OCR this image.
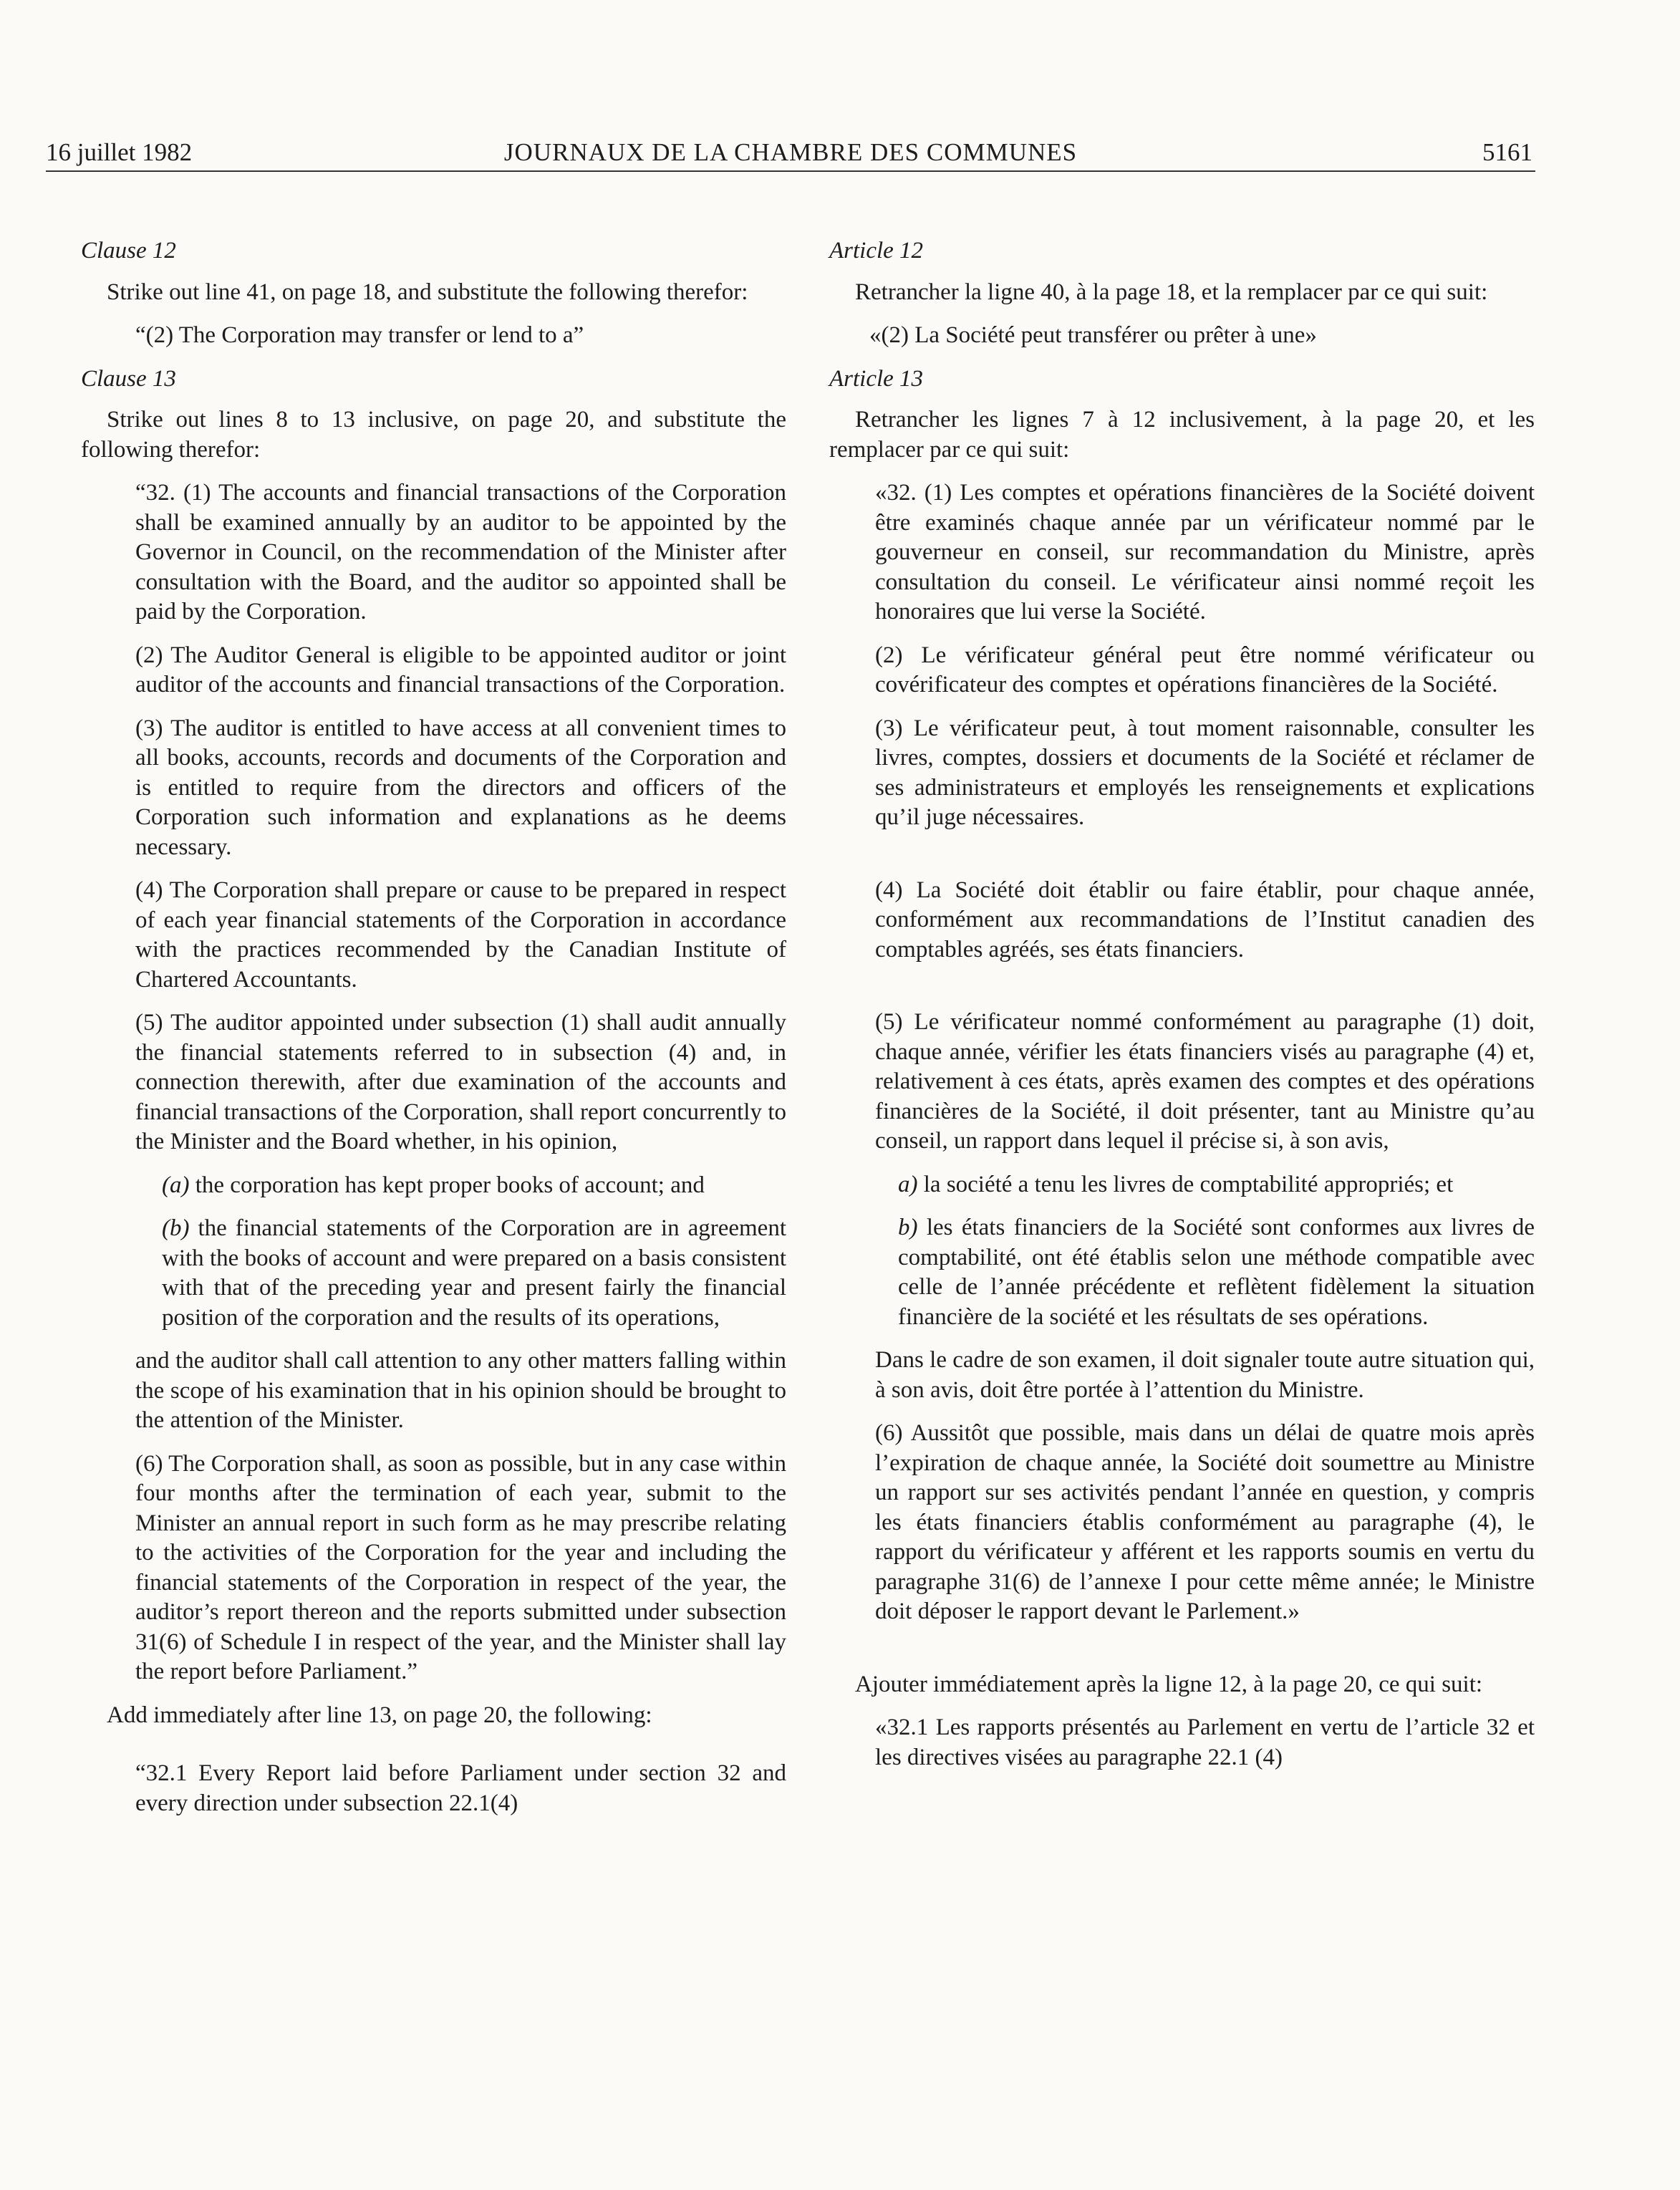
16 juillet 1982	JOURNAUX DE LA CHAMBRE DES COMMUNES	5161

Clause 12

Strike out line 41, on page 18, and substitute the following therefor:

“(2) The Corporation may transfer or lend to a”

Clause 13

Strike out lines 8 to 13 inclusive, on page 20, and substitute the following therefor:

“32. (1) The accounts and financial transactions of the Corporation shall be examined annually by an auditor to be appointed by the Governor in Council, on the recommendation of the Minister after consultation with the Board, and the auditor so appointed shall be paid by the Corporation.

(2) The Auditor General is eligible to be appointed auditor or joint auditor of the accounts and financial transactions of the Corporation.

(3) The auditor is entitled to have access at all convenient times to all books, accounts, records and documents of the Corporation and is entitled to require from the directors and officers of the Corporation such information and explanations as he deems necessary.

(4) The Corporation shall prepare or cause to be prepared in respect of each year financial statements of the Corporation in accordance with the practices recommended by the Canadian Institute of Chartered Accountants.

(5) The auditor appointed under subsection (1) shall audit annually the financial statements referred to in subsection (4) and, in connection therewith, after due examination of the accounts and financial transactions of the Corporation, shall report concurrently to the Minister and the Board whether, in his opinion,

(a) the corporation has kept proper books of account; and

(b) the financial statements of the Corporation are in agreement with the books of account and were prepared on a basis consistent with that of the preceding year and present fairly the financial position of the corporation and the results of its operations,

and the auditor shall call attention to any other matters falling within the scope of his examination that in his opinion should be brought to the attention of the Minister.

(6) The Corporation shall, as soon as possible, but in any case within four months after the termination of each year, submit to the Minister an annual report in such form as he may prescribe relating to the activities of the Corporation for the year and including the financial statements of the Corporation in respect of the year, the auditor’s report thereon and the reports submitted under subsection 31(6) of Schedule I in respect of the year, and the Minister shall lay the report before Parliament.”

Add immediately after line 13, on page 20, the following:

“32.1 Every Report laid before Parliament under section 32 and every direction under subsection 22.1(4)

Article 12

Retrancher la ligne 40, à la page 18, et la remplacer par ce qui suit:

«(2) La Société peut transférer ou prêter à une»

Article 13

Retrancher les lignes 7 à 12 inclusivement, à la page 20, et les remplacer par ce qui suit:

«32. (1) Les comptes et opérations financières de la Société doivent être examinés chaque année par un vérificateur nommé par le gouverneur en conseil, sur recommandation du Ministre, après consultation du conseil. Le vérificateur ainsi nommé reçoit les honoraires que lui verse la Société.

(2) Le vérificateur général peut être nommé vérificateur ou covérificateur des comptes et opérations financières de la Société.

(3) Le vérificateur peut, à tout moment raisonnable, consulter les livres, comptes, dossiers et documents de la Société et réclamer de ses administrateurs et employés les renseignements et explications qu’il juge nécessaires.

(4) La Société doit établir ou faire établir, pour chaque année, conformément aux recommandations de l’Institut canadien des comptables agréés, ses états financiers.

(5) Le vérificateur nommé conformément au paragraphe (1) doit, chaque année, vérifier les états financiers visés au paragraphe (4) et, relativement à ces états, après examen des comptes et des opérations financières de la Société, il doit présenter, tant au Ministre qu’au conseil, un rapport dans lequel il précise si, à son avis,

a) la société a tenu les livres de comptabilité appropriés; et

b) les états financiers de la Société sont conformes aux livres de comptabilité, ont été établis selon une méthode compatible avec celle de l’année précédente et reflètent fidèlement la situation financière de la société et les résultats de ses opérations.

Dans le cadre de son examen, il doit signaler toute autre situation qui, à son avis, doit être portée à l’attention du Ministre.

(6) Aussitôt que possible, mais dans un délai de quatre mois après l’expiration de chaque année, la Société doit soumettre au Ministre un rapport sur ses activités pendant l’année en question, y compris les états financiers établis conformément au paragraphe (4), le rapport du vérificateur y afférent et les rapports soumis en vertu du paragraphe 31(6) de l’annexe I pour cette même année; le Ministre doit déposer le rapport devant le Parlement.»

Ajouter immédiatement après la ligne 12, à la page 20, ce qui suit:

«32.1 Les rapports présentés au Parlement en vertu de l’article 32 et les directives visées au paragraphe 22.1 (4)
